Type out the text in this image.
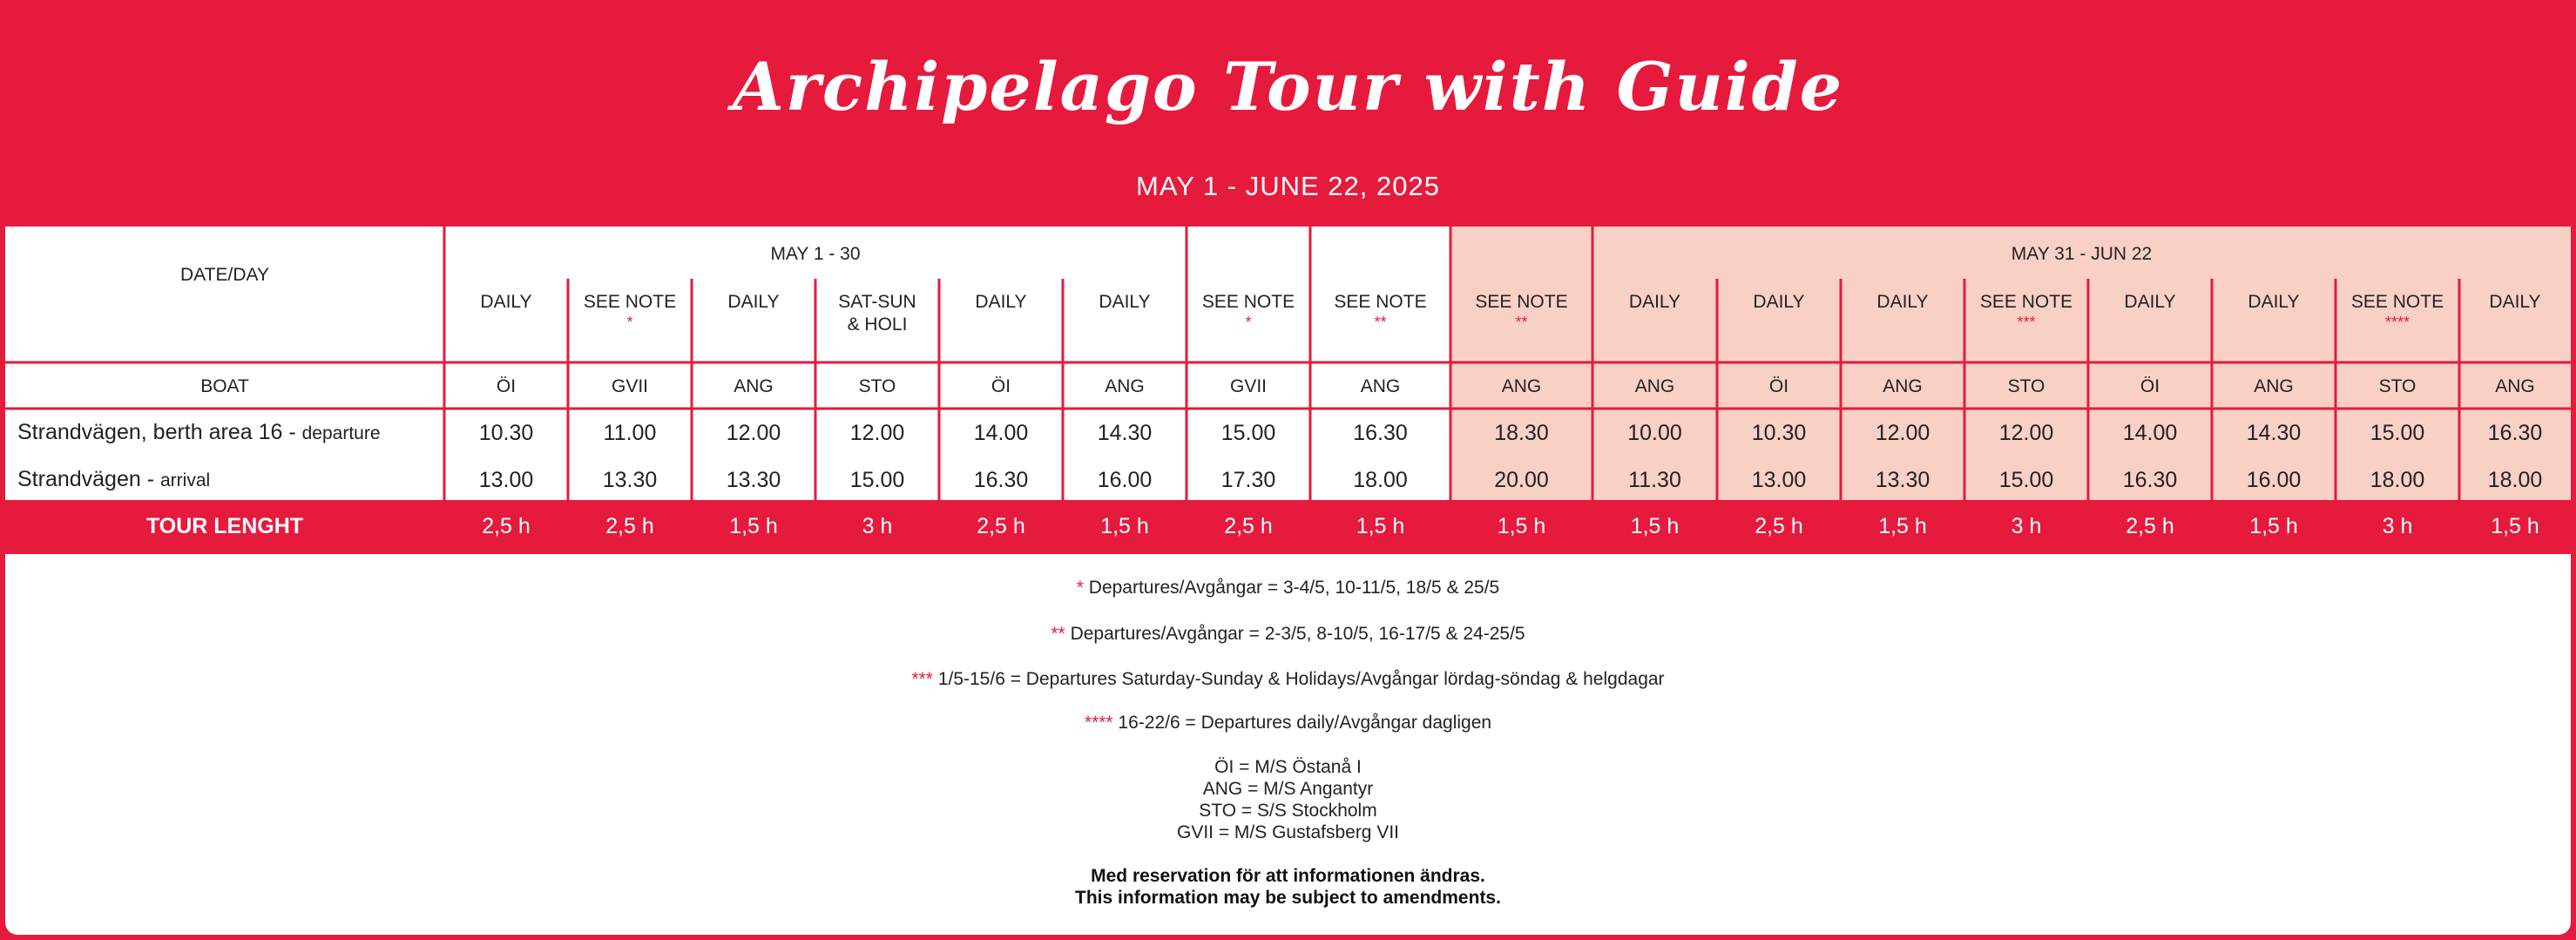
Archipelago Tour with Guide
MAY 1 - JUNE 22, 2025
DATE/DAY
BOAT
Strandvägen, berth area 16 - departure
Strandvägen - arrival
TOUR LENGHT
MAY 1 - 30	MAY 31 - JUN 22
DAILY
ÖI
10.30
13.00
2,5 h
SEE NOTE
*
GVII
11.00
13.30
2,5 h
DAILY
ANG
12.00
13.30
1,5 h
SAT-SUN
& HOLI
STO
12.00
15.00
3 h
DAILY
ÖI
14.00
16.30
2,5 h
DAILY
ANG
14.30
16.00
1,5 h
SEE NOTE
*
GVII
15.00
17.30
2,5 h
SEE NOTE
**
ANG
16.30
18.00
1,5 h
SEE NOTE
**
ANG
18.30
20.00
1,5 h
DAILY
ANG
10.00
11.30
1,5 h
DAILY
ÖI
10.30
13.00
2,5 h
DAILY
ANG
12.00
13.30
1,5 h
SEE NOTE
***
STO
12.00
15.00
3 h
DAILY
ÖI
14.00
16.30
2,5 h
DAILY
ANG
14.30
16.00
1,5 h
SEE NOTE
****
STO
15.00
18.00
3 h
DAILY
ANG
16.30
18.00
1,5 h
* Departures/Avgångar = 3-4/5, 10-11/5, 18/5 & 25/5
** Departures/Avgångar = 2-3/5, 8-10/5, 16-17/5 & 24-25/5
*** 1/5-15/6 = Departures Saturday-Sunday & Holidays/Avgångar lördag-söndag & helgdagar
**** 16-22/6 = Departures daily/Avgångar dagligen
ÖI = M/S Östanå I
ANG = M/S Angantyr
STO = S/S Stockholm
GVII = M/S Gustafsberg VII
Med reservation för att informationen ändras.
This information may be subject to amendments.
